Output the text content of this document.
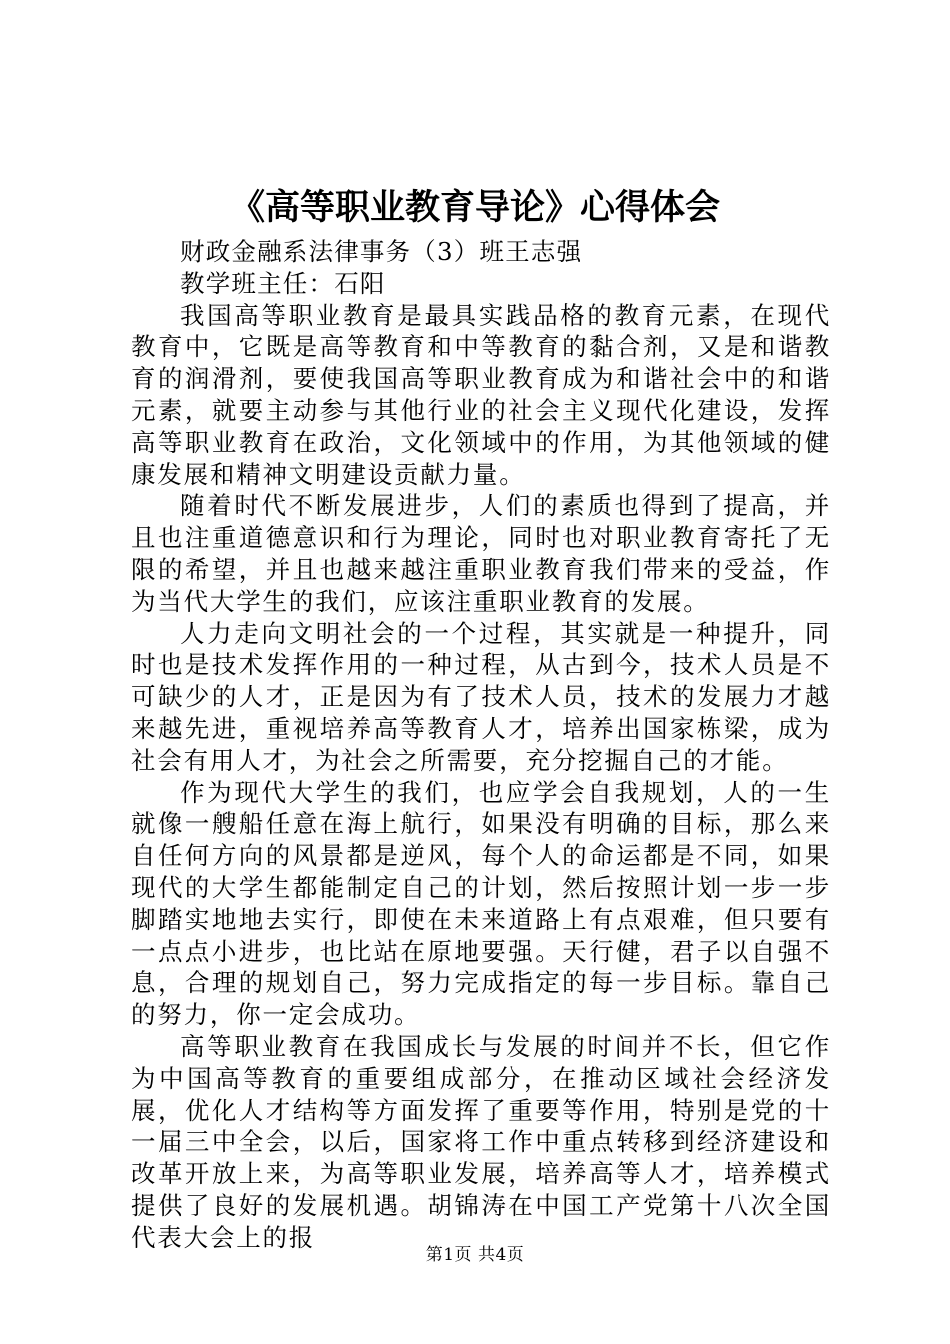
《高等职业教育导论》心得体会
财政金融系法律事务（3）班王志强
教学班主任：石阳

我国高等职业教育是最具实践品格的教育元素，在现代教育中，它既是高等教育和中等教育的黏合剂，又是和谐教育的润滑剂，要使我国高等职业教育成为和谐社会中的和谐元素，就要主动参与其他行业的社会主义现代化建设，发挥高等职业教育在政治，文化领域中的作用，为其他领域的健康发展和精神文明建设贡献力量。

随着时代不断发展进步，人们的素质也得到了提高，并且也注重道德意识和行为理论，同时也对职业教育寄托了无限的希望，并且也越来越注重职业教育我们带来的受益，作为当代大学生的我们，应该注重职业教育的发展。

人力走向文明社会的一个过程，其实就是一种提升，同时也是技术发挥作用的一种过程，从古到今，技术人员是不可缺少的人才，正是因为有了技术人员，技术的发展力才越来越先进，重视培养高等教育人才，培养出国家栋梁，成为社会有用人才，为社会之所需要，充分挖掘自己的才能。

作为现代大学生的我们，也应学会自我规划，人的一生就像一艘船任意在海上航行，如果没有明确的目标，那么来自任何方向的风景都是逆风，每个人的命运都是不同，如果现代的大学生都能制定自己的计划，然后按照计划一步一步脚踏实地地去实行，即使在未来道路上有点艰难，但只要有一点点小进步，也比站在原地要强。天行健，君子以自强不息，合理的规划自己，努力完成指定的每一步目标。靠自己的努力，你一定会成功。

高等职业教育在我国成长与发展的时间并不长，但它作为中国高等教育的重要组成部分，在推动区域社会经济发展，优化人才结构等方面发挥了重要等作用，特别是党的十一届三中全会，以后，国家将工作中重点转移到经济建设和改革开放上来，为高等职业发展，培养高等人才，培养模式提供了良好的发展机遇。胡锦涛在中国工产党第十八次全国代表大会上的报

第1页 共4页
